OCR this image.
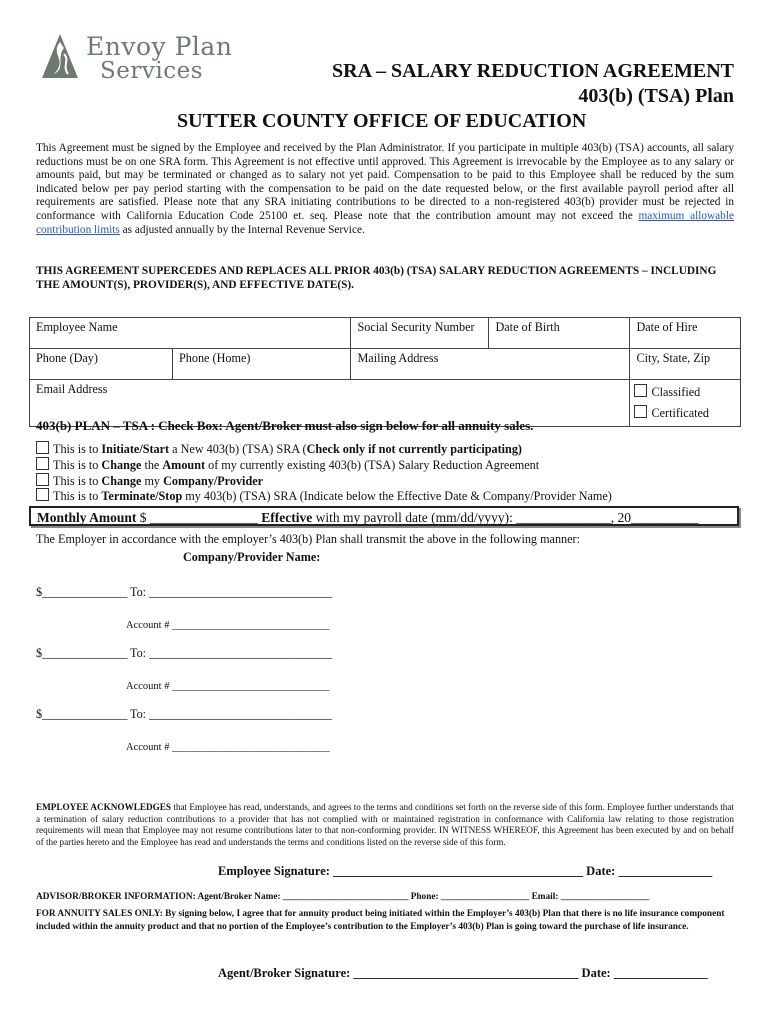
Envoy Plan
Services	SRA – SALARY REDUCTION AGREEMENT
403(b) (TSA) Plan
SUTTER COUNTY OFFICE OF EDUCATION
This Agreement must be signed by the Employee and received by the Plan Administrator. If you participate in multiple 403(b) (TSA) accounts, all salary reductions must be on one SRA form. This Agreement is not effective until approved. This Agreement is irrevocable by the Employee as to any salary or amounts paid, but may be terminated or changed as to salary not yet paid. Compensation to be paid to this Employee shall be reduced by the sum indicated below per pay period starting with the compensation to be paid on the date requested below, or the first available payroll period after all requirements are satisfied. Please note that any SRA initiating contributions to be directed to a non-registered 403(b) provider must be rejected in conformance with California Education Code 25100 et. seq. Please note that the contribution amount may not exceed the maximum allowable contribution limits as adjusted annually by the Internal Revenue Service.
THIS AGREEMENT SUPERCEDES AND REPLACES ALL PRIOR 403(b) (TSA) SALARY REDUCTION AGREEMENTS – INCLUDING THE AMOUNT(S), PROVIDER(S), AND EFFECTIVE DATE(S).
Employee Name		Social Security Number	Date of Birth	Date of Hire
Phone (Day)	Phone (Home)	Mailing Address		City, State, Zip
Email Address				Classified
Certificated
403(b) PLAN – TSA : Check Box: Agent/Broker must also sign below for all annuity sales.
This is to Initiate/Start a New 403(b) (TSA) SRA (Check only if not currently participating)
This is to Change the Amount of my currently existing 403(b) (TSA) Salary Reduction Agreement
This is to Change my Company/Provider
This is to Terminate/Stop my 403(b) (TSA) SRA (Indicate below the Effective Date & Company/Provider Name)
Monthly Amount $ ________________ Effective with my payroll date (mm/dd/yyyy): ______________, 20__________
The Employer in accordance with the employer’s 403(b) Plan shall transmit the above in the following manner:
Company/Provider Name:
$______________ To: ______________________________
Account # ______________________________
$______________ To: ______________________________
Account # ______________________________
$______________ To: ______________________________
Account # ______________________________
EMPLOYEE ACKNOWLEDGES that Employee has read, understands, and agrees to the terms and conditions set forth on the reverse side of this form. Employee further understands that a termination of salary reduction contributions to a provider that has not complied with or maintained registration in conformance with California law relating to those registration requirements will mean that Employee may not resume contributions later to that non-conforming provider. IN WITNESS WHEREOF, this Agreement has been executed by and on behalf of the parties hereto and the Employee has read and understands the terms and conditions listed on the reverse side of this form.
Employee Signature: ________________________________________ Date: _______________
ADVISOR/BROKER INFORMATION: Agent/Broker Name: ___________________________ Phone: ___________________ Email: ___________________
FOR ANNUITY SALES ONLY: By signing below, I agree that for annuity product being initiated within the Employer’s 403(b) Plan that there is no life insurance component included within the annuity product and that no portion of the Employee’s contribution to the Employer’s 403(b) Plan is going toward the purchase of life insurance.
Agent/Broker Signature: ____________________________________ Date: _______________
